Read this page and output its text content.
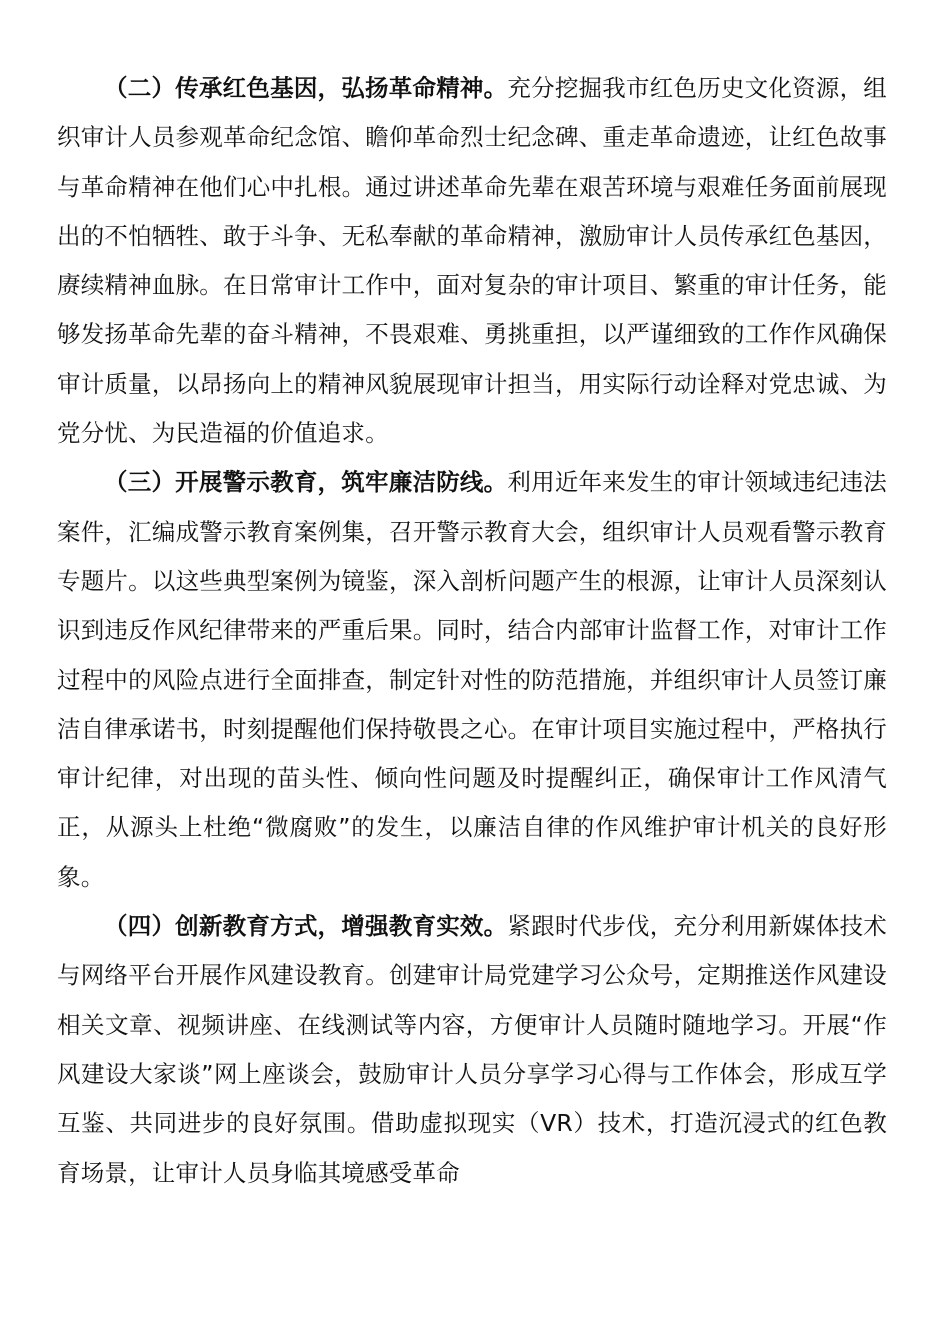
（二）传承红色基因，弘扬革命精神。充分挖掘我市红色历史文化资源，组织审计人员参观革命纪念馆、瞻仰革命烈士纪念碑、重走革命遗迹，让红色故事与革命精神在他们心中扎根。通过讲述革命先辈在艰苦环境与艰难任务面前展现出的不怕牺牲、敢于斗争、无私奉献的革命精神，激励审计人员传承红色基因，赓续精神血脉。在日常审计工作中，面对复杂的审计项目、繁重的审计任务，能够发扬革命先辈的奋斗精神，不畏艰难、勇挑重担，以严谨细致的工作作风确保审计质量，以昂扬向上的精神风貌展现审计担当，用实际行动诠释对党忠诚、为党分忧、为民造福的价值追求。

（三）开展警示教育，筑牢廉洁防线。利用近年来发生的审计领域违纪违法案件，汇编成警示教育案例集，召开警示教育大会，组织审计人员观看警示教育专题片。以这些典型案例为镜鉴，深入剖析问题产生的根源，让审计人员深刻认识到违反作风纪律带来的严重后果。同时，结合内部审计监督工作，对审计工作过程中的风险点进行全面排查，制定针对性的防范措施，并组织审计人员签订廉洁自律承诺书，时刻提醒他们保持敬畏之心。在审计项目实施过程中，严格执行审计纪律，对出现的苗头性、倾向性问题及时提醒纠正，确保审计工作风清气正，从源头上杜绝“微腐败”的发生，以廉洁自律的作风维护审计机关的良好形象。

（四）创新教育方式，增强教育实效。紧跟时代步伐，充分利用新媒体技术与网络平台开展作风建设教育。创建审计局党建学习公众号，定期推送作风建设相关文章、视频讲座、在线测试等内容，方便审计人员随时随地学习。开展“作风建设大家谈”网上座谈会，鼓励审计人员分享学习心得与工作体会，形成互学互鉴、共同进步的良好氛围。借助虚拟现实（VR）技术，打造沉浸式的红色教育场景，让审计人员身临其境感受革命
